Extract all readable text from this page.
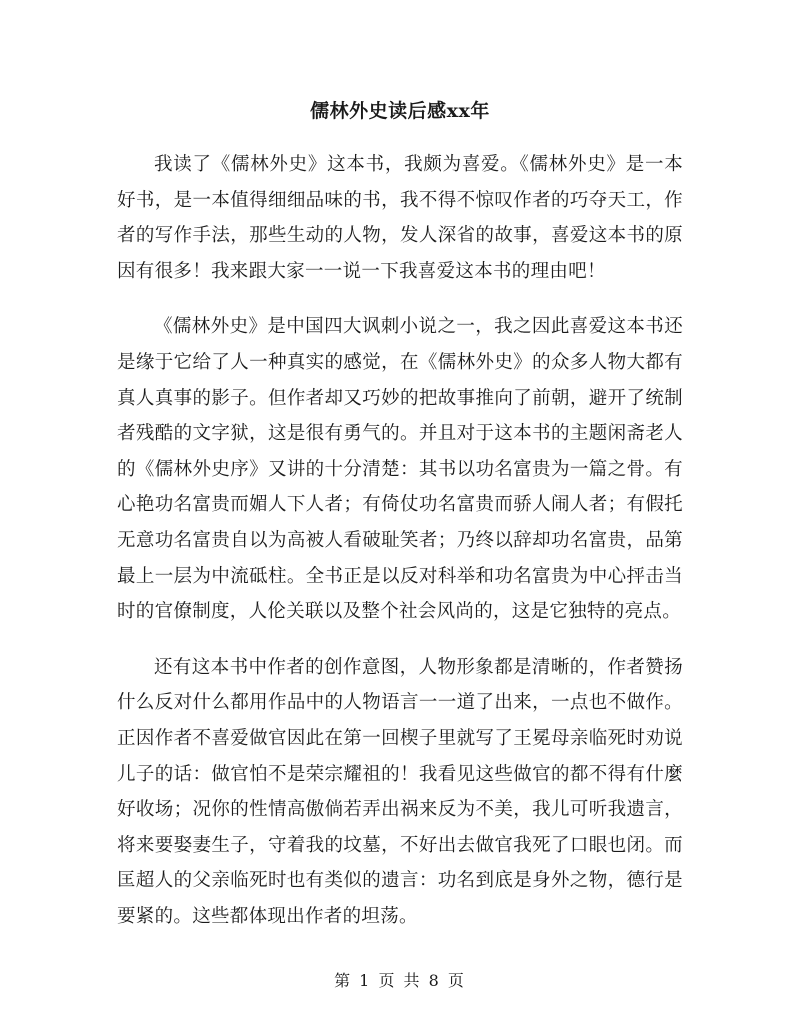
儒林外史读后感xx年

我读了《儒林外史》这本书，我颇为喜爱。《儒林外史》是一本好书，是一本值得细细品味的书，我不得不惊叹作者的巧夺天工，作者的写作手法，那些生动的人物，发人深省的故事，喜爱这本书的原因有很多！我来跟大家一一说一下我喜爱这本书的理由吧！

《儒林外史》是中国四大讽刺小说之一，我之因此喜爱这本书还是缘于它给了人一种真实的感觉，在《儒林外史》的众多人物大都有真人真事的影子。但作者却又巧妙的把故事推向了前朝，避开了统制者残酷的文字狱，这是很有勇气的。并且对于这本书的主题闲斋老人的《儒林外史序》又讲的十分清楚：其书以功名富贵为一篇之骨。有心艳功名富贵而媚人下人者；有倚仗功名富贵而骄人闹人者；有假托无意功名富贵自以为高被人看破耻笑者；乃终以辞却功名富贵，品第最上一层为中流砥柱。全书正是以反对科举和功名富贵为中心抨击当时的官僚制度，人伦关联以及整个社会风尚的，这是它独特的亮点。

还有这本书中作者的创作意图，人物形象都是清晰的，作者赞扬什么反对什么都用作品中的人物语言一一道了出来，一点也不做作。正因作者不喜爱做官因此在第一回楔子里就写了王冕母亲临死时劝说儿子的话：做官怕不是荣宗耀祖的！我看见这些做官的都不得有什麼好收场；况你的性情高傲倘若弄出祸来反为不美，我儿可听我遗言，将来要娶妻生子，守着我的坟墓，不好出去做官我死了口眼也闭。而匡超人的父亲临死时也有类似的遗言：功名到底是身外之物，德行是要紧的。这些都体现出作者的坦荡。

第 1 页 共 8 页
